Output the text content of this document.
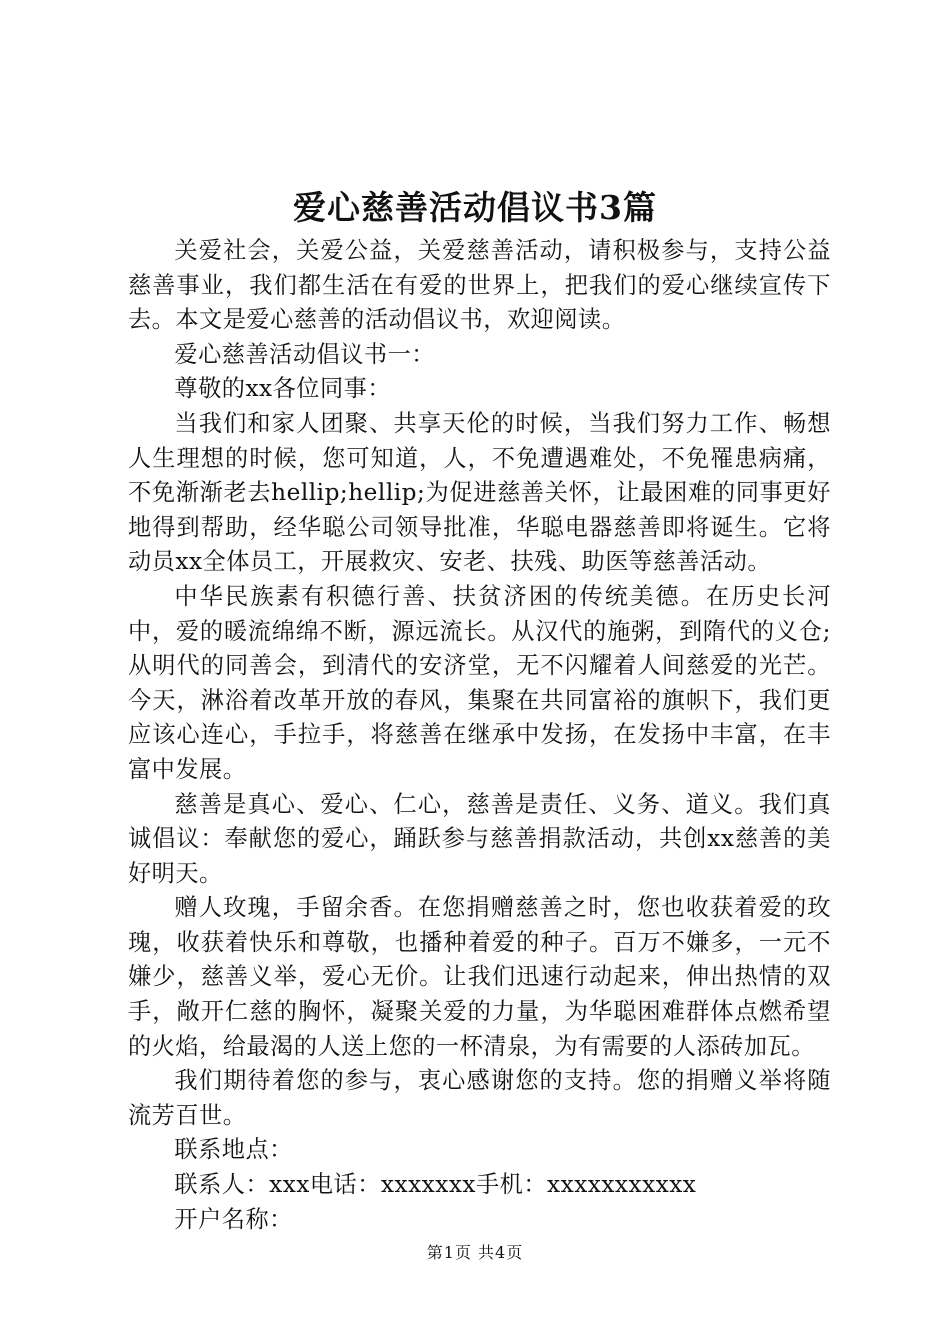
爱心慈善活动倡议书3篇

关爱社会，关爱公益，关爱慈善活动，请积极参与，支持公益慈善事业，我们都生活在有爱的世界上，把我们的爱心继续宣传下去。本文是爱心慈善的活动倡议书，欢迎阅读。

爱心慈善活动倡议书一：

尊敬的xx各位同事：

当我们和家人团聚、共享天伦的时候，当我们努力工作、畅想人生理想的时候，您可知道，人，不免遭遇难处，不免罹患病痛，不免渐渐老去hellip;hellip;为促进慈善关怀，让最困难的同事更好地得到帮助，经华聪公司领导批准，华聪电器慈善即将诞生。它将动员xx全体员工，开展救灾、安老、扶残、助医等慈善活动。

中华民族素有积德行善、扶贫济困的传统美德。在历史长河中，爱的暖流绵绵不断，源远流长。从汉代的施粥，到隋代的义仓;从明代的同善会，到清代的安济堂，无不闪耀着人间慈爱的光芒。今天，淋浴着改革开放的春风，集聚在共同富裕的旗帜下，我们更应该心连心，手拉手，将慈善在继承中发扬，在发扬中丰富，在丰富中发展。

慈善是真心、爱心、仁心，慈善是责任、义务、道义。我们真诚倡议：奉献您的爱心，踊跃参与慈善捐款活动，共创xx慈善的美好明天。

赠人玫瑰，手留余香。在您捐赠慈善之时，您也收获着爱的玫瑰，收获着快乐和尊敬，也播种着爱的种子。百万不嫌多，一元不嫌少，慈善义举，爱心无价。让我们迅速行动起来，伸出热情的双手，敞开仁慈的胸怀，凝聚关爱的力量，为华聪困难群体点燃希望的火焰，给最渴的人送上您的一杯清泉，为有需要的人添砖加瓦。

我们期待着您的参与，衷心感谢您的支持。您的捐赠义举将随流芳百世。

联系地点：

联系人：xxx电话：xxxxxxx手机：xxxxxxxxxxx

开户名称：

第1页 共4页
